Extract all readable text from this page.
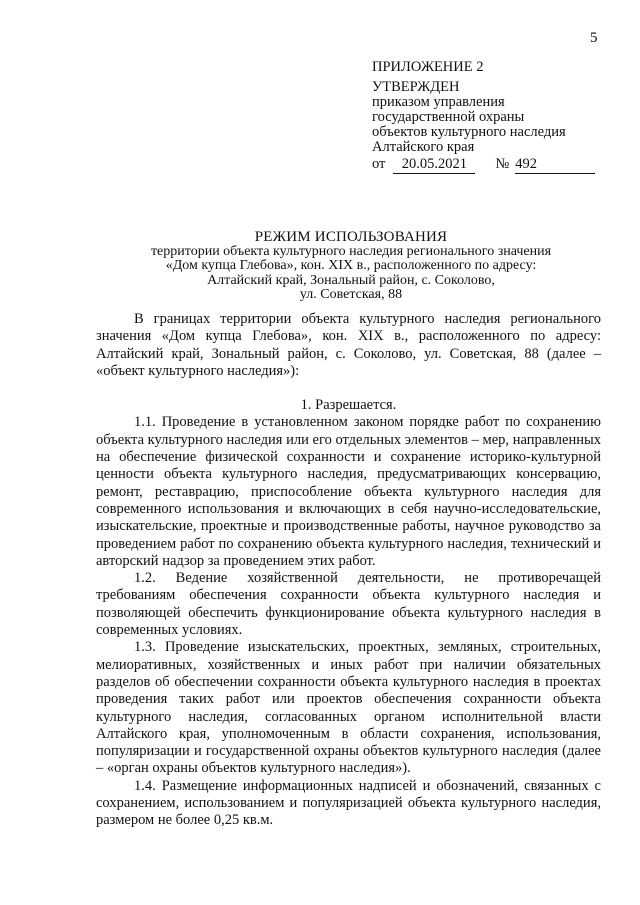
5
ПРИЛОЖЕНИЕ 2
УТВЕРЖДЕН
приказом управления
государственной охраны
объектов культурного наследия
Алтайского края
от 20.05.2021 № 492
РЕЖИМ ИСПОЛЬЗОВАНИЯ
территории объекта культурного наследия регионального значения
«Дом купца Глебова», кон. XIX в., расположенного по адресу:
Алтайский край, Зональный район, с. Соколово,
ул. Советская, 88

В границах территории объекта культурного наследия регионального значения «Дом купца Глебова», кон. XIX в., расположенного по адресу: Алтайский край, Зональный район, с. Соколово, ул. Советская, 88 (далее – «объект культурного наследия»):

1. Разрешается.

1.1. Проведение в установленном законом порядке работ по сохранению объекта культурного наследия или его отдельных элементов – мер, направленных на обеспечение физической сохранности и сохранение историко-культурной ценности объекта культурного наследия, предусматривающих консервацию, ремонт, реставрацию, приспособление объекта культурного наследия для современного использования и включающих в себя научно-исследовательские, изыскательские, проектные и производственные работы, научное руководство за проведением работ по сохранению объекта культурного наследия, технический и авторский надзор за проведением этих работ.

1.2. Ведение хозяйственной деятельности, не противоречащей требованиям обеспечения сохранности объекта культурного наследия и позволяющей обеспечить функционирование объекта культурного наследия в современных условиях.

1.3. Проведение изыскательских, проектных, земляных, строительных, мелиоративных, хозяйственных и иных работ при наличии обязательных разделов об обеспечении сохранности объекта культурного наследия в проектах проведения таких работ или проектов обеспечения сохранности объекта культурного наследия, согласованных органом исполнительной власти Алтайского края, уполномоченным в области сохранения, использования, популяризации и государственной охраны объектов культурного наследия (далее – «орган охраны объектов культурного наследия»).

1.4. Размещение информационных надписей и обозначений, связанных с сохранением, использованием и популяризацией объекта культурного наследия, размером не более 0,25 кв.м.
